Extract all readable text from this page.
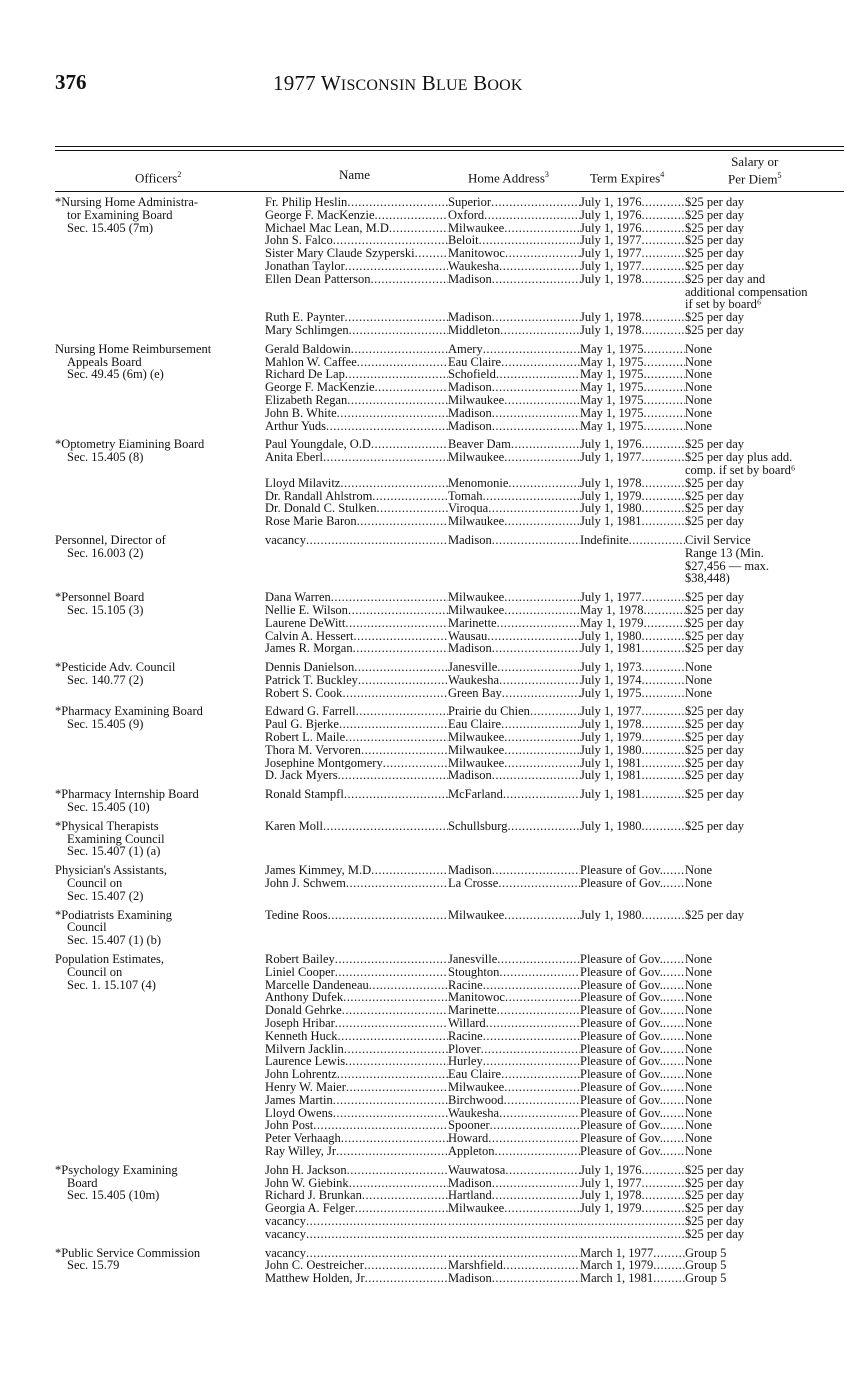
376	1977 WISCONSIN BLUE BOOK
Officers$^2$	Name	Home Address$^3$	Term Expires$^4$
Salary or
Per Diem$^5$
*Nursing Home Administra-
tor Examining Board
Sec. 15.405 (7m)
Fr. Philip Heslin .....	Superior .....	July 1, 1976 .....	$25 per day
George F. MacKenzie .....	Oxford .....	July 1, 1976 .....	$25 per day
Michael Mac Lean, M.D .....	Milwaukee .....	July 1, 1976 .....	$25 per day
John S. Falco .....	Beloit .....	July 1, 1977 .....	$25 per day
Sister Mary Claude Szyperski .....	Manitowoc .....	July 1, 1977 .....	$25 per day
Jonathan Taylor .....	Waukesha .....	July 1, 1977 .....	$25 per day
Ellen Dean Patterson .....	Madison .....	July 1, 1978 .....	$25 per day and
additional compensation
if set by board⁶
Ruth E. Paynter .....	Madison .....	July 1, 1978 .....	$25 per day
Mary Schlimgen .....	Middleton .....	July 1, 1978 .....	$25 per day
Nursing Home Reimbursement
Appeals Board
Sec. 49.45 (6m) (e)
Gerald Baldowin .....	Amery .....	May 1, 1975 .....	None
Mahlon W. Caffee .....	Eau Claire .....	May 1, 1975 .....	None
Richard De Lap .....	Schofield .....	May 1, 1975 .....	None
George F. MacKenzie .....	Madison .....	May 1, 1975 .....	None
Elizabeth Regan .....	Milwaukee .....	May 1, 1975 .....	None
John B. White .....	Madison .....	May 1, 1975 .....	None
Arthur Yuds .....	Madison .....	May 1, 1975 .....	None
*Optometry Eiamining Board
Sec. 15.405 (8)
Paul Youngdale, O.D .....	Beaver Dam .....	July 1, 1976 .....	$25 per day
Anita Eberl .....	Milwaukee .....	July 1, 1977 .....	$25 per day plus add.
comp. if set by board⁶
Lloyd Milavitz .....	Menomonie .....	July 1, 1978 .....	$25 per day
Dr. Randall Ahlstrom .....	Tomah .....	July 1, 1979 .....	$25 per day
Dr. Donald C. Stulken .....	Viroqua .....	July 1, 1980 .....	$25 per day
Rose Marie Baron .....	Milwaukee .....	July 1, 1981 .....	$25 per day
Personnel, Director of
Sec. 16.003 (2)
vacancy .....	Madison .....	Indefinite .....	Civil Service
Range 13 (Min.
$27,456 — max.
$38,448)
*Personnel Board
Sec. 15.105 (3)
Dana Warren .....	Milwaukee .....	July 1, 1977 .....	$25 per day
Nellie E. Wilson .....	Milwaukee .....	May 1, 1978 .....	$25 per day
Laurene DeWitt .....	Marinette .....	May 1, 1979 .....	$25 per day
Calvin A. Hessert .....	Wausau .....	July 1, 1980 .....	$25 per day
James R. Morgan .....	Madison .....	July 1, 1981 .....	$25 per day
*Pesticide Adv. Council
Sec. 140.77 (2)
Dennis Danielson .....	Janesville .....	July 1, 1973 .....	None
Patrick T. Buckley .....	Waukesha .....	July 1, 1974 .....	None
Robert S. Cook .....	Green Bay .....	July 1, 1975 .....	None
*Pharmacy Examining Board
Sec. 15.405 (9)
Edward G. Farrell .....	Prairie du Chien .....	July 1, 1977 .....	$25 per day
Paul G. Bjerke .....	Eau Claire .....	July 1, 1978 .....	$25 per day
Robert L. Maile .....	Milwaukee .....	July 1, 1979 .....	$25 per day
Thora M. Vervoren .....	Milwaukee .....	July 1, 1980 .....	$25 per day
Josephine Montgomery .....	Milwaukee .....	July 1, 1981 .....	$25 per day
D. Jack Myers .....	Madison .....	July 1, 1981 .....	$25 per day
*Pharmacy Internship Board
Sec. 15.405 (10)
Ronald Stampfl .....	McFarland .....	July 1, 1981 .....	$25 per day
*Physical Therapists
Examining Council
Sec. 15.407 (1) (a)
Karen Moll .....	Schullsburg .....	July 1, 1980 .....	$25 per day
Physician's Assistants,
Council on
Sec. 15.407 (2)
James Kimmey, M.D .....	Madison .....	Pleasure of Gov. ..... None
John J. Schwem .....	La Crosse .....	Pleasure of Gov. ..... None
*Podiatrists Examining
Council
Sec. 15.407 (1) (b)
Tedine Roos .....	Milwaukee .....	July 1, 1980 .....	$25 per day
Population Estimates,
Council on
Sec. 1. 15.107 (4)
Robert Bailey .....	Janesville .....	Pleasure of Gov. ..... None
Liniel Cooper .....	Stoughton .....	Pleasure of Gov. ..... None
Marcelle Dandeneau .....	Racine .....	Pleasure of Gov. ..... None
Anthony Dufek .....	Manitowoc .....	Pleasure of Gov. ..... None
Donald Gehrke .....	Marinette .....	Pleasure of Gov. ..... None
Joseph Hribar .....	Willard .....	Pleasure of Gov. ..... None
Kenneth Huck .....	Racine .....	Pleasure of Gov. ..... None
Milvern Jacklin .....	Plover .....	Pleasure of Gov. ..... None
Laurence Lewis .....	Hurley .....	Pleasure of Gov. ..... None
John Lohrentz .....	Eau Claire .....	Pleasure of Gov. ..... None
Henry W. Maier .....	Milwaukee .....	Pleasure of Gov. ..... None
James Martin .....	Birchwood .....	Pleasure of Gov. ..... None
Lloyd Owens .....	Waukesha .....	Pleasure of Gov. ..... None
John Post .....	Spooner .....	Pleasure of Gov. ..... None
Peter Verhaagh .....	Howard .....	Pleasure of Gov. ..... None
Ray Willey, Jr .....	Appleton .....	Pleasure of Gov. ..... None
*Psychology Examining
Board
Sec. 15.405 (10m)
John H. Jackson .....	Wauwatosa .....	July 1, 1976 .....	$25 per day
John W. Giebink .....	Madison .....	July 1, 1977 .....	$25 per day
Richard J. Brunkan .....	Hartland .....	July 1, 1978 .....	$25 per day
Georgia A. Felger .....	Milwaukee .....	July 1, 1979 .....	$25 per day
vacancy ..... ..... .....	$25 per day
vacancy ..... ..... .....	$25 per day
*Public Service Commission
Sec. 15.79
vacancy ..... .....	March 1, 1977 .....	Group 5
John C. Oestreicher .....	Marshfield .....	March 1, 1979 .....	Group 5
Matthew Holden, Jr .....	Madison .....	March 1, 1981 .....	Group 5
